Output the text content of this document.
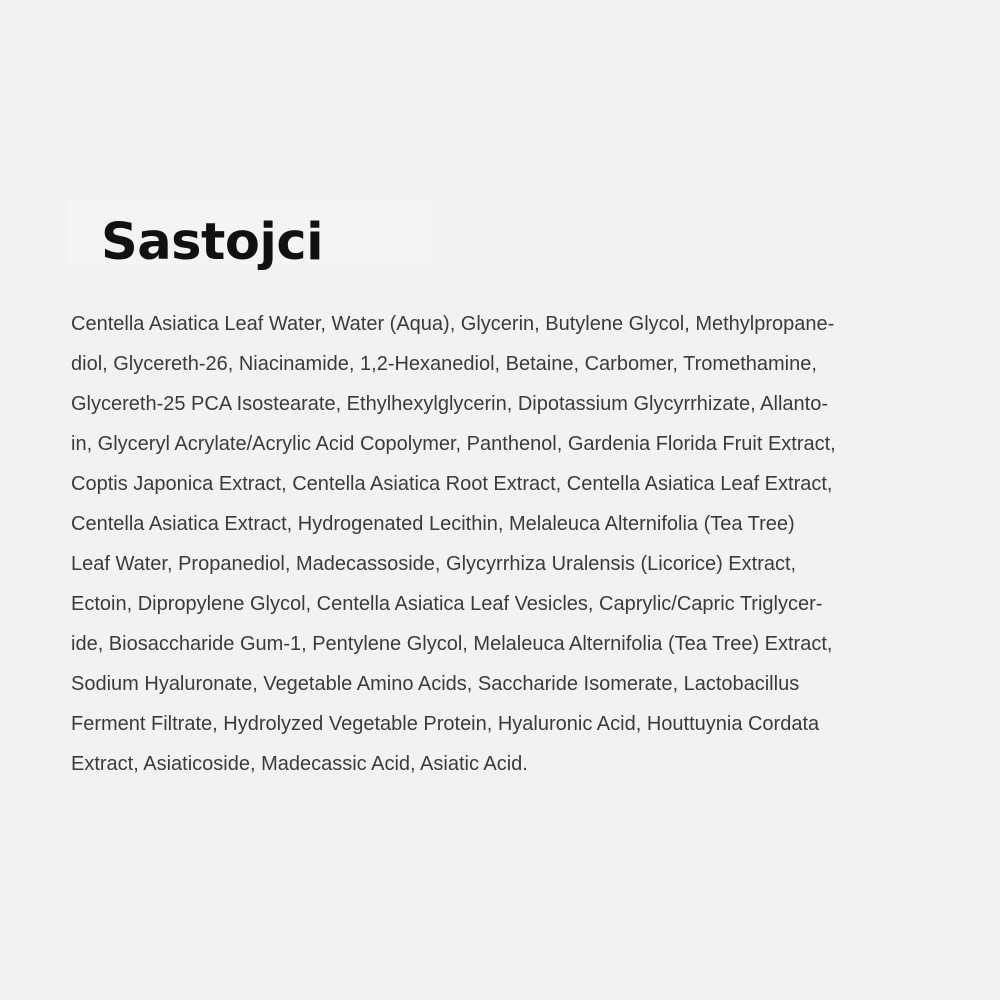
Sastojci

Centella Asiatica Leaf Water, Water (Aqua), Glycerin, Butylene Glycol, Methylpropane-
diol, Glycereth-26, Niacinamide, 1,2-Hexanediol, Betaine, Carbomer, Tromethamine,
Glycereth-25 PCA Isostearate, Ethylhexylglycerin, Dipotassium Glycyrrhizate, Allanto-
in, Glyceryl Acrylate/Acrylic Acid Copolymer, Panthenol, Gardenia Florida Fruit Extract,
Coptis Japonica Extract, Centella Asiatica Root Extract, Centella Asiatica Leaf Extract,
Centella Asiatica Extract, Hydrogenated Lecithin, Melaleuca Alternifolia (Tea Tree)
Leaf Water, Propanediol, Madecassoside, Glycyrrhiza Uralensis (Licorice) Extract,
Ectoin, Dipropylene Glycol, Centella Asiatica Leaf Vesicles, Caprylic/Capric Triglycer-
ide, Biosaccharide Gum-1, Pentylene Glycol, Melaleuca Alternifolia (Tea Tree) Extract,
Sodium Hyaluronate, Vegetable Amino Acids, Saccharide Isomerate, Lactobacillus
Ferment Filtrate, Hydrolyzed Vegetable Protein, Hyaluronic Acid, Houttuynia Cordata
Extract, Asiaticoside, Madecassic Acid, Asiatic Acid.
